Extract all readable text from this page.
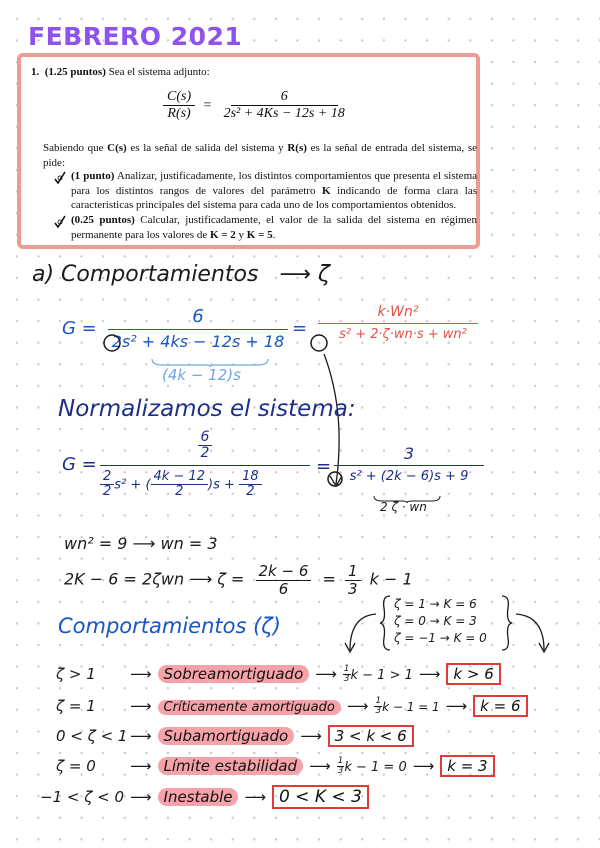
FEBRERO 2021
1. (1.25 puntos) Sea el sistema adjunto:
$\frac{C(s)}{R(s)} = \frac{6}{\text{2s² + 4Ks − 12s + 18}}$
Sabiendo que C(s) es la señal de salida del sistema y R(s) es la señal de entrada del sistema, se pide:
(1 punto) Analizar, justificadamente, los distintos comportamientos que presenta el sistema para los distintos rangos de valores del parámetro K indicando de forma clara las características principales del sistema para cada uno de los comportamientos obtenidos.
(0.25 puntos) Calcular, justificadamente, el valor de la salida del sistema en régimen permanente para los valores de K = 2 y K = 5.
a) Comportamientos ⟶ ζ
$G = \frac{6}{\text{2s² + 4ks − 12s + 18}}$
(4k − 12)s
= $\frac{\text{k·Wn²}}{\text{s² + 2·ζ·wn·s + wn²}}$
Normalizamos el sistema:
G =
$\frac{6}{2}$
$\frac{2}{2} s^2$ + ( $\frac{4k - 12}{2} )s + \frac{18}{2}$
=
3
s² + (2k − 6)s + 9
2 ζ · wn
wn² = 9 ⟶ wn = 3
2K − 6 = 2ζwn ⟶ $\zeta = \frac{2k - 6}{6} = \frac{1}{3}$ k − 1
Comportamientos (ζ)
ζ = 1 → K = 6
ζ = 0 → K = 3
ζ = −1 → K = 0
ζ > 1 ⟶ Sobreamortiguado ⟶ $\frac{1}{3}$ k − 1 > 1 ⟶ k > 6
ζ = 1 ⟶ Críticamente amortiguado ⟶ $\frac{1}{3}$ k − 1 = 1 ⟶ k = 6
0 < ζ < 1 ⟶ Subamortiguado ⟶ 3 < k < 6
ζ = 0 ⟶ Límite estabilidad ⟶ $\frac{1}{3}$ k − 1 = 0 ⟶ k = 3
−1 < ζ < 0 ⟶ Inestable ⟶ 0 < K < 3
